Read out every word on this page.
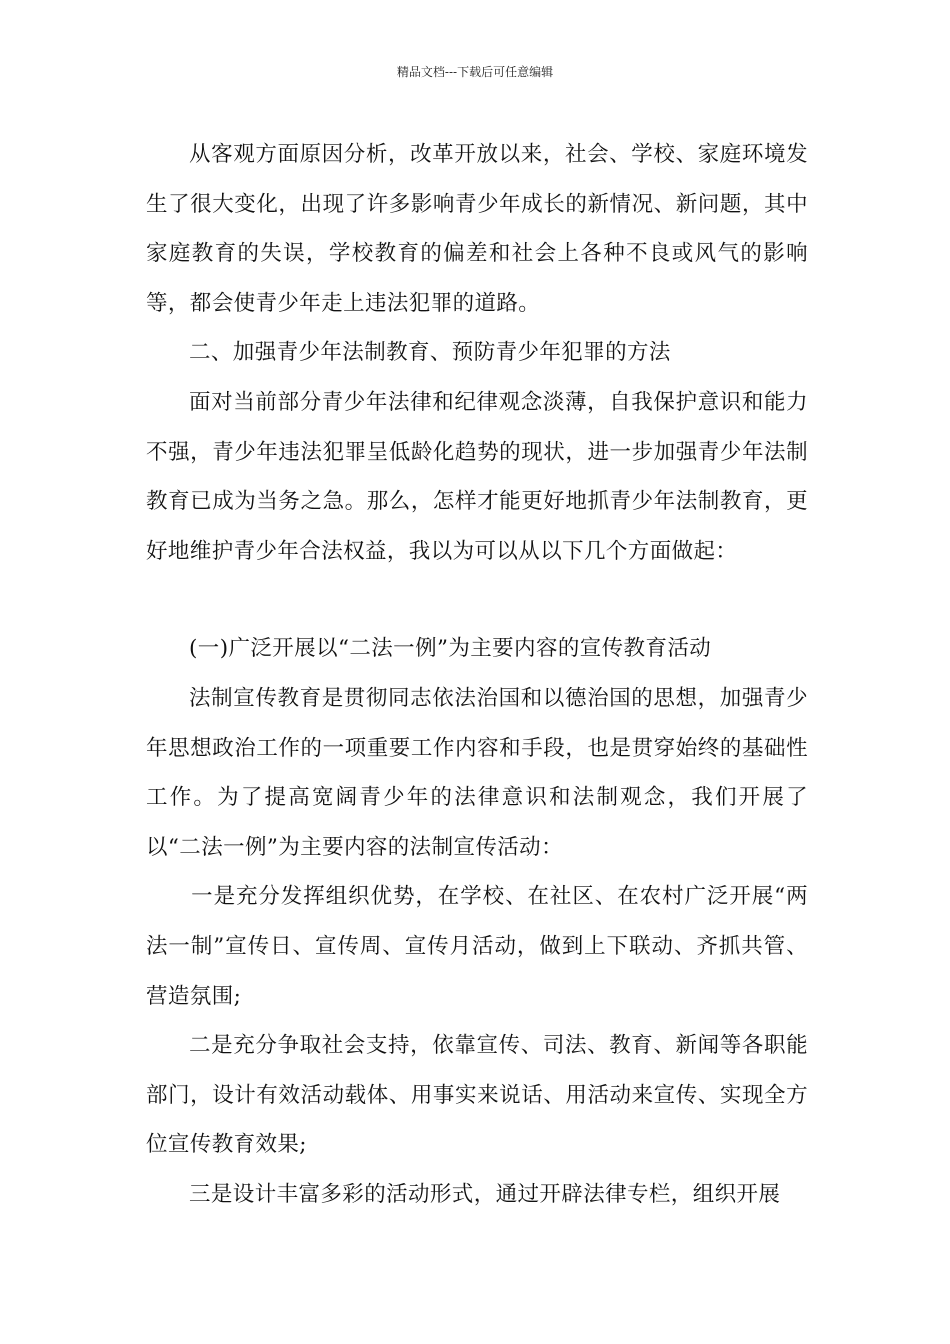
精品文档---下载后可任意编辑

从客观方面原因分析，改革开放以来，社会、学校、家庭环境发生了很大变化，出现了许多影响青少年成长的新情况、新问题，其中家庭教育的失误，学校教育的偏差和社会上各种不良或风气的影响等，都会使青少年走上违法犯罪的道路。

二、加强青少年法制教育、预防青少年犯罪的方法

面对当前部分青少年法律和纪律观念淡薄，自我保护意识和能力不强，青少年违法犯罪呈低龄化趋势的现状，进一步加强青少年法制教育已成为当务之急。那么，怎样才能更好地抓青少年法制教育，更好地维护青少年合法权益，我以为可以从以下几个方面做起：

(一)广泛开展以“二法一例”为主要内容的宣传教育活动

法制宣传教育是贯彻同志依法治国和以德治国的思想，加强青少年思想政治工作的一项重要工作内容和手段，也是贯穿始终的基础性工作。为了提高宽阔青少年的法律意识和法制观念，我们开展了以“二法一例”为主要内容的法制宣传活动：

一是充分发挥组织优势，在学校、在社区、在农村广泛开展“两法一制”宣传日、宣传周、宣传月活动，做到上下联动、齐抓共管、营造氛围;

二是充分争取社会支持，依靠宣传、司法、教育、新闻等各职能部门，设计有效活动载体、用事实来说话、用活动来宣传、实现全方位宣传教育效果;

三是设计丰富多彩的活动形式，通过开辟法律专栏，组织开展
